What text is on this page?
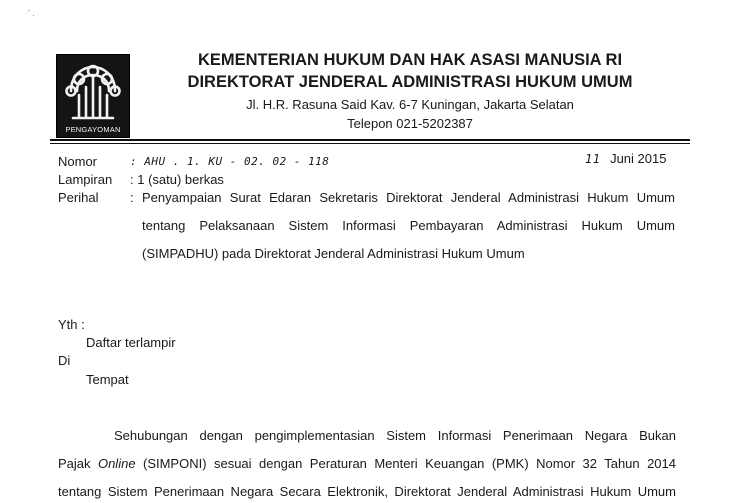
' .
PENGAYOMAN
KEMENTERIAN HUKUM DAN HAK ASASI MANUSIA RI
DIREKTORAT JENDERAL ADMINISTRASI HUKUM UMUM
Jl. H.R. Rasuna Said Kav. 6-7 Kuningan, Jakarta Selatan
Telepon 021-5202387
Nomor	: AHU . 1. KU - 02. 02 - 118	11 Juni 2015
Lampiran : 1 (satu) berkas
Perihal : Penyampaian Surat Edaran Sekretaris Direktorat Jenderal Administrasi Hukum Umum
tentang Pelaksanaan Sistem Informasi Pembayaran Administrasi Hukum Umum
(SIMPADHU) pada Direktorat Jenderal Administrasi Hukum Umum
Yth :
Daftar terlampir
Di
Tempat
Sehubungan dengan pengimplementasian Sistem Informasi Penerimaan Negara Bukan
Pajak Online (SIMPONI) sesuai dengan Peraturan Menteri Keuangan (PMK) Nomor 32 Tahun 2014
tentang Sistem Penerimaan Negara Secara Elektronik, Direktorat Jenderal Administrasi Hukum Umum
